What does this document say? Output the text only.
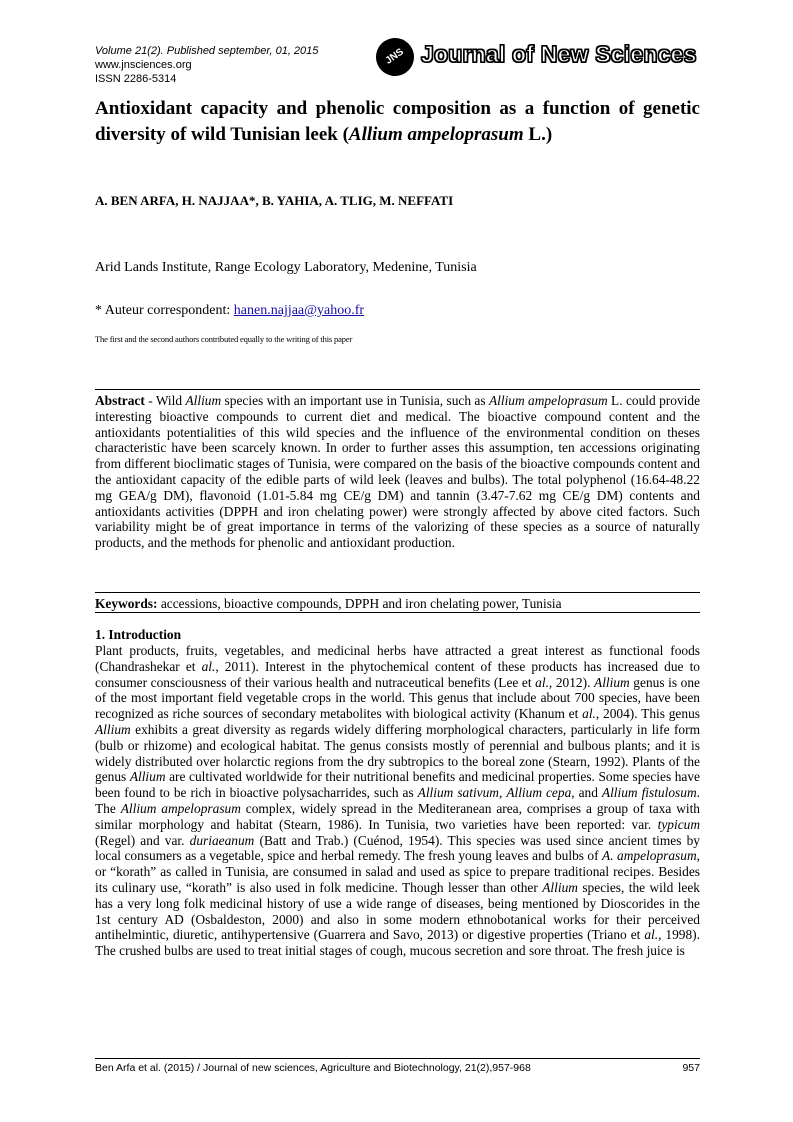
Volume 21(2). Published september, 01, 2015
www.jnsciences.org
ISSN 2286-5314
JNS Journal of New Sciences
Antioxidant capacity and phenolic composition as a function of genetic diversity of wild Tunisian leek (Allium ampeloprasum L.)
A. BEN ARFA, H. NAJJAA*, B. YAHIA, A. TLIG, M. NEFFATI
Arid Lands Institute, Range Ecology Laboratory, Medenine, Tunisia
* Auteur correspondent: hanen.najjaa@yahoo.fr
The first and the second authors contributed equally to the writing of this paper
Abstract - Wild Allium species with an important use in Tunisia, such as Allium ampeloprasum L. could provide interesting bioactive compounds to current diet and medical. The bioactive compound content and the antioxidants potentialities of this wild species and the influence of the environmental condition on theses characteristic have been scarcely known. In order to further asses this assumption, ten accessions originating from different bioclimatic stages of Tunisia, were compared on the basis of the bioactive compounds content and the antioxidant capacity of the edible parts of wild leek (leaves and bulbs). The total polyphenol (16.64-48.22 mg GEA/g DM), flavonoid (1.01-5.84 mg CE/g DM) and tannin (3.47-7.62 mg CE/g DM) contents and antioxidants activities (DPPH and iron chelating power) were strongly affected by above cited factors. Such variability might be of great importance in terms of the valorizing of these species as a source of naturally products, and the methods for phenolic and antioxidant production.
Keywords: accessions, bioactive compounds, DPPH and iron chelating power, Tunisia
1. Introduction
Plant products, fruits, vegetables, and medicinal herbs have attracted a great interest as functional foods (Chandrashekar et al., 2011). Interest in the phytochemical content of these products has increased due to consumer consciousness of their various health and nutraceutical benefits (Lee et al., 2012). Allium genus is one of the most important field vegetable crops in the world. This genus that include about 700 species, have been recognized as riche sources of secondary metabolites with biological activity (Khanum et al., 2004). This genus Allium exhibits a great diversity as regards widely differing morphological characters, particularly in life form (bulb or rhizome) and ecological habitat. The genus consists mostly of perennial and bulbous plants; and it is widely distributed over holarctic regions from the dry subtropics to the boreal zone (Stearn, 1992). Plants of the genus Allium are cultivated worldwide for their nutritional benefits and medicinal properties. Some species have been found to be rich in bioactive polysacharrides, such as Allium sativum, Allium cepa, and Allium fistulosum. The Allium ampeloprasum complex, widely spread in the Mediteranean area, comprises a group of taxa with similar morphology and habitat (Stearn, 1986). In Tunisia, two varieties have been reported: var. typicum (Regel) and var. duriaeanum (Batt and Trab.) (Cuénod, 1954). This species was used since ancient times by local consumers as a vegetable, spice and herbal remedy. The fresh young leaves and bulbs of A. ampeloprasum, or “korath” as called in Tunisia, are consumed in salad and used as spice to prepare traditional recipes. Besides its culinary use, “korath” is also used in folk medicine. Though lesser than other Allium species, the wild leek has a very long folk medicinal history of use a wide range of diseases, being mentioned by Dioscorides in the 1st century AD (Osbaldeston, 2000) and also in some modern ethnobotanical works for their perceived antihelmintic, diuretic, antihypertensive (Guarrera and Savo, 2013) or digestive properties (Triano et al., 1998). The crushed bulbs are used to treat initial stages of cough, mucous secretion and sore throat. The fresh juice is
Ben Arfa et al. (2015) / Journal of new sciences, Agriculture and Biotechnology, 21(2),957-968	957
